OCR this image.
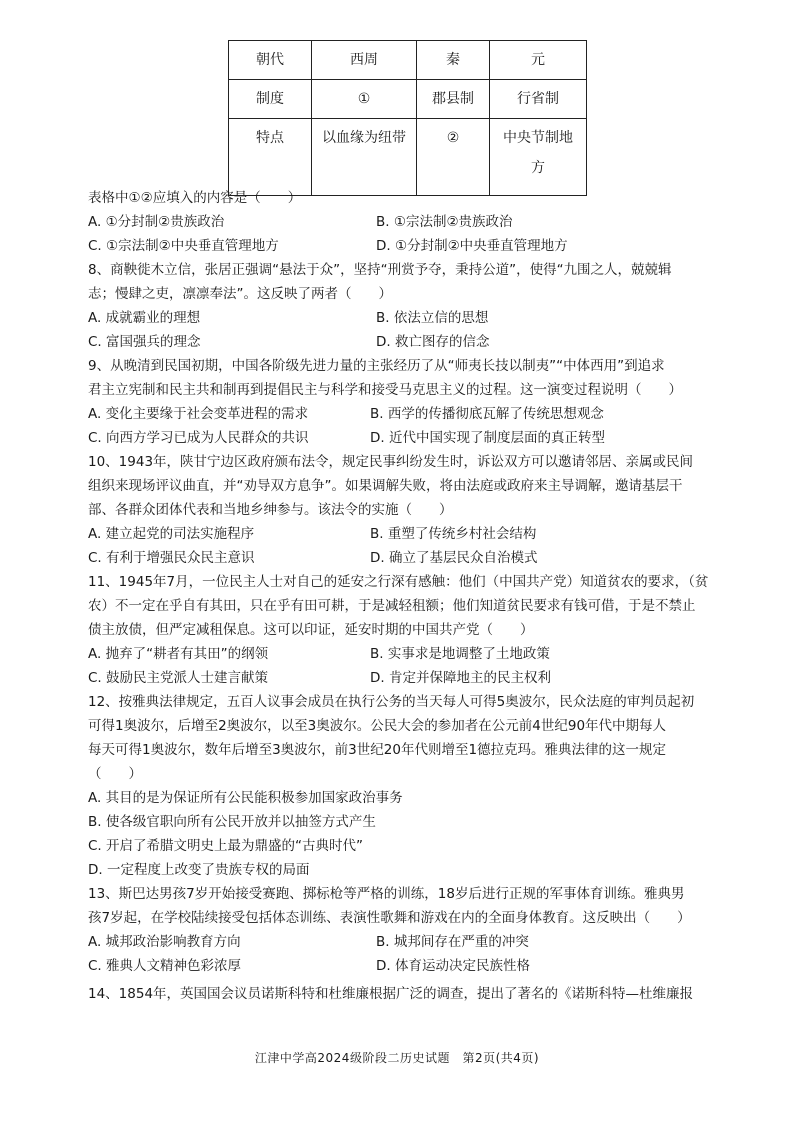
朝代	西周	秦	元
制度	①	郡县制	行省制
特点	以血缘为纽带	②	中央节制地方
表格中①②应填入的内容是（　　）
A. ①分封制②贵族政治	B. ①宗法制②贵族政治
C. ①宗法制②中央垂直管理地方	D. ①分封制②中央垂直管理地方
8、商鞅徙木立信，张居正强调“悬法于众”，坚持“刑赏予夺，秉持公道”，使得“九围之人，兢兢辑
志；慢肆之吏，凛凛奉法”。这反映了两者（　　）
A. 成就霸业的理想	B. 依法立信的思想
C. 富国强兵的理念	D. 救亡图存的信念
9、从晚清到民国初期，中国各阶级先进力量的主张经历了从“师夷长技以制夷”“中体西用”到追求
君主立宪制和民主共和制再到提倡民主与科学和接受马克思主义的过程。这一演变过程说明（　　）
A. 变化主要缘于社会变革进程的需求	B. 西学的传播彻底瓦解了传统思想观念
C. 向西方学习已成为人民群众的共识	D. 近代中国实现了制度层面的真正转型
10、1943年，陕甘宁边区政府颁布法令，规定民事纠纷发生时，诉讼双方可以邀请邻居、亲属或民间
组织来现场评议曲直，并“劝导双方息争”。如果调解失败，将由法庭或政府来主导调解，邀请基层干
部、各群众团体代表和当地乡绅参与。该法令的实施（　　）
A. 建立起党的司法实施程序	B. 重塑了传统乡村社会结构
C. 有利于增强民众民主意识	D. 确立了基层民众自治模式
11、1945年7月，一位民主人士对自己的延安之行深有感触：他们（中国共产党）知道贫农的要求，（贫
农）不一定在乎自有其田，只在乎有田可耕，于是减轻租额；他们知道贫民要求有钱可借，于是不禁止
债主放债，但严定减租保息。这可以印证，延安时期的中国共产党（　　）
A. 抛弃了“耕者有其田”的纲领	B. 实事求是地调整了土地政策
C. 鼓励民主党派人士建言献策	D. 肯定并保障地主的民主权利
12、按雅典法律规定，五百人议事会成员在执行公务的当天每人可得5奥波尔，民众法庭的审判员起初
可得1奥波尔，后增至2奥波尔，以至3奥波尔。公民大会的参加者在公元前4世纪90年代中期每人
每天可得1奥波尔，数年后增至3奥波尔，前3世纪20年代则增至1德拉克玛。雅典法律的这一规定
（　　）
A. 其目的是为保证所有公民能积极参加国家政治事务
B. 使各级官职向所有公民开放并以抽签方式产生
C. 开启了希腊文明史上最为鼎盛的“古典时代”
D. 一定程度上改变了贵族专权的局面
13、斯巴达男孩7岁开始接受赛跑、掷标枪等严格的训练，18岁后进行正规的军事体育训练。雅典男
孩7岁起，在学校陆续接受包括体态训练、表演性歌舞和游戏在内的全面身体教育。这反映出（　　）
A. 城邦政治影响教育方向	B. 城邦间存在严重的冲突
C. 雅典人文精神色彩浓厚	D. 体育运动决定民族性格
14、1854年，英国国会议员诺斯科特和杜维廉根据广泛的调查，提出了著名的《诺斯科特—杜维廉报
江津中学高2024级阶段二历史试题　第2页(共4页)
